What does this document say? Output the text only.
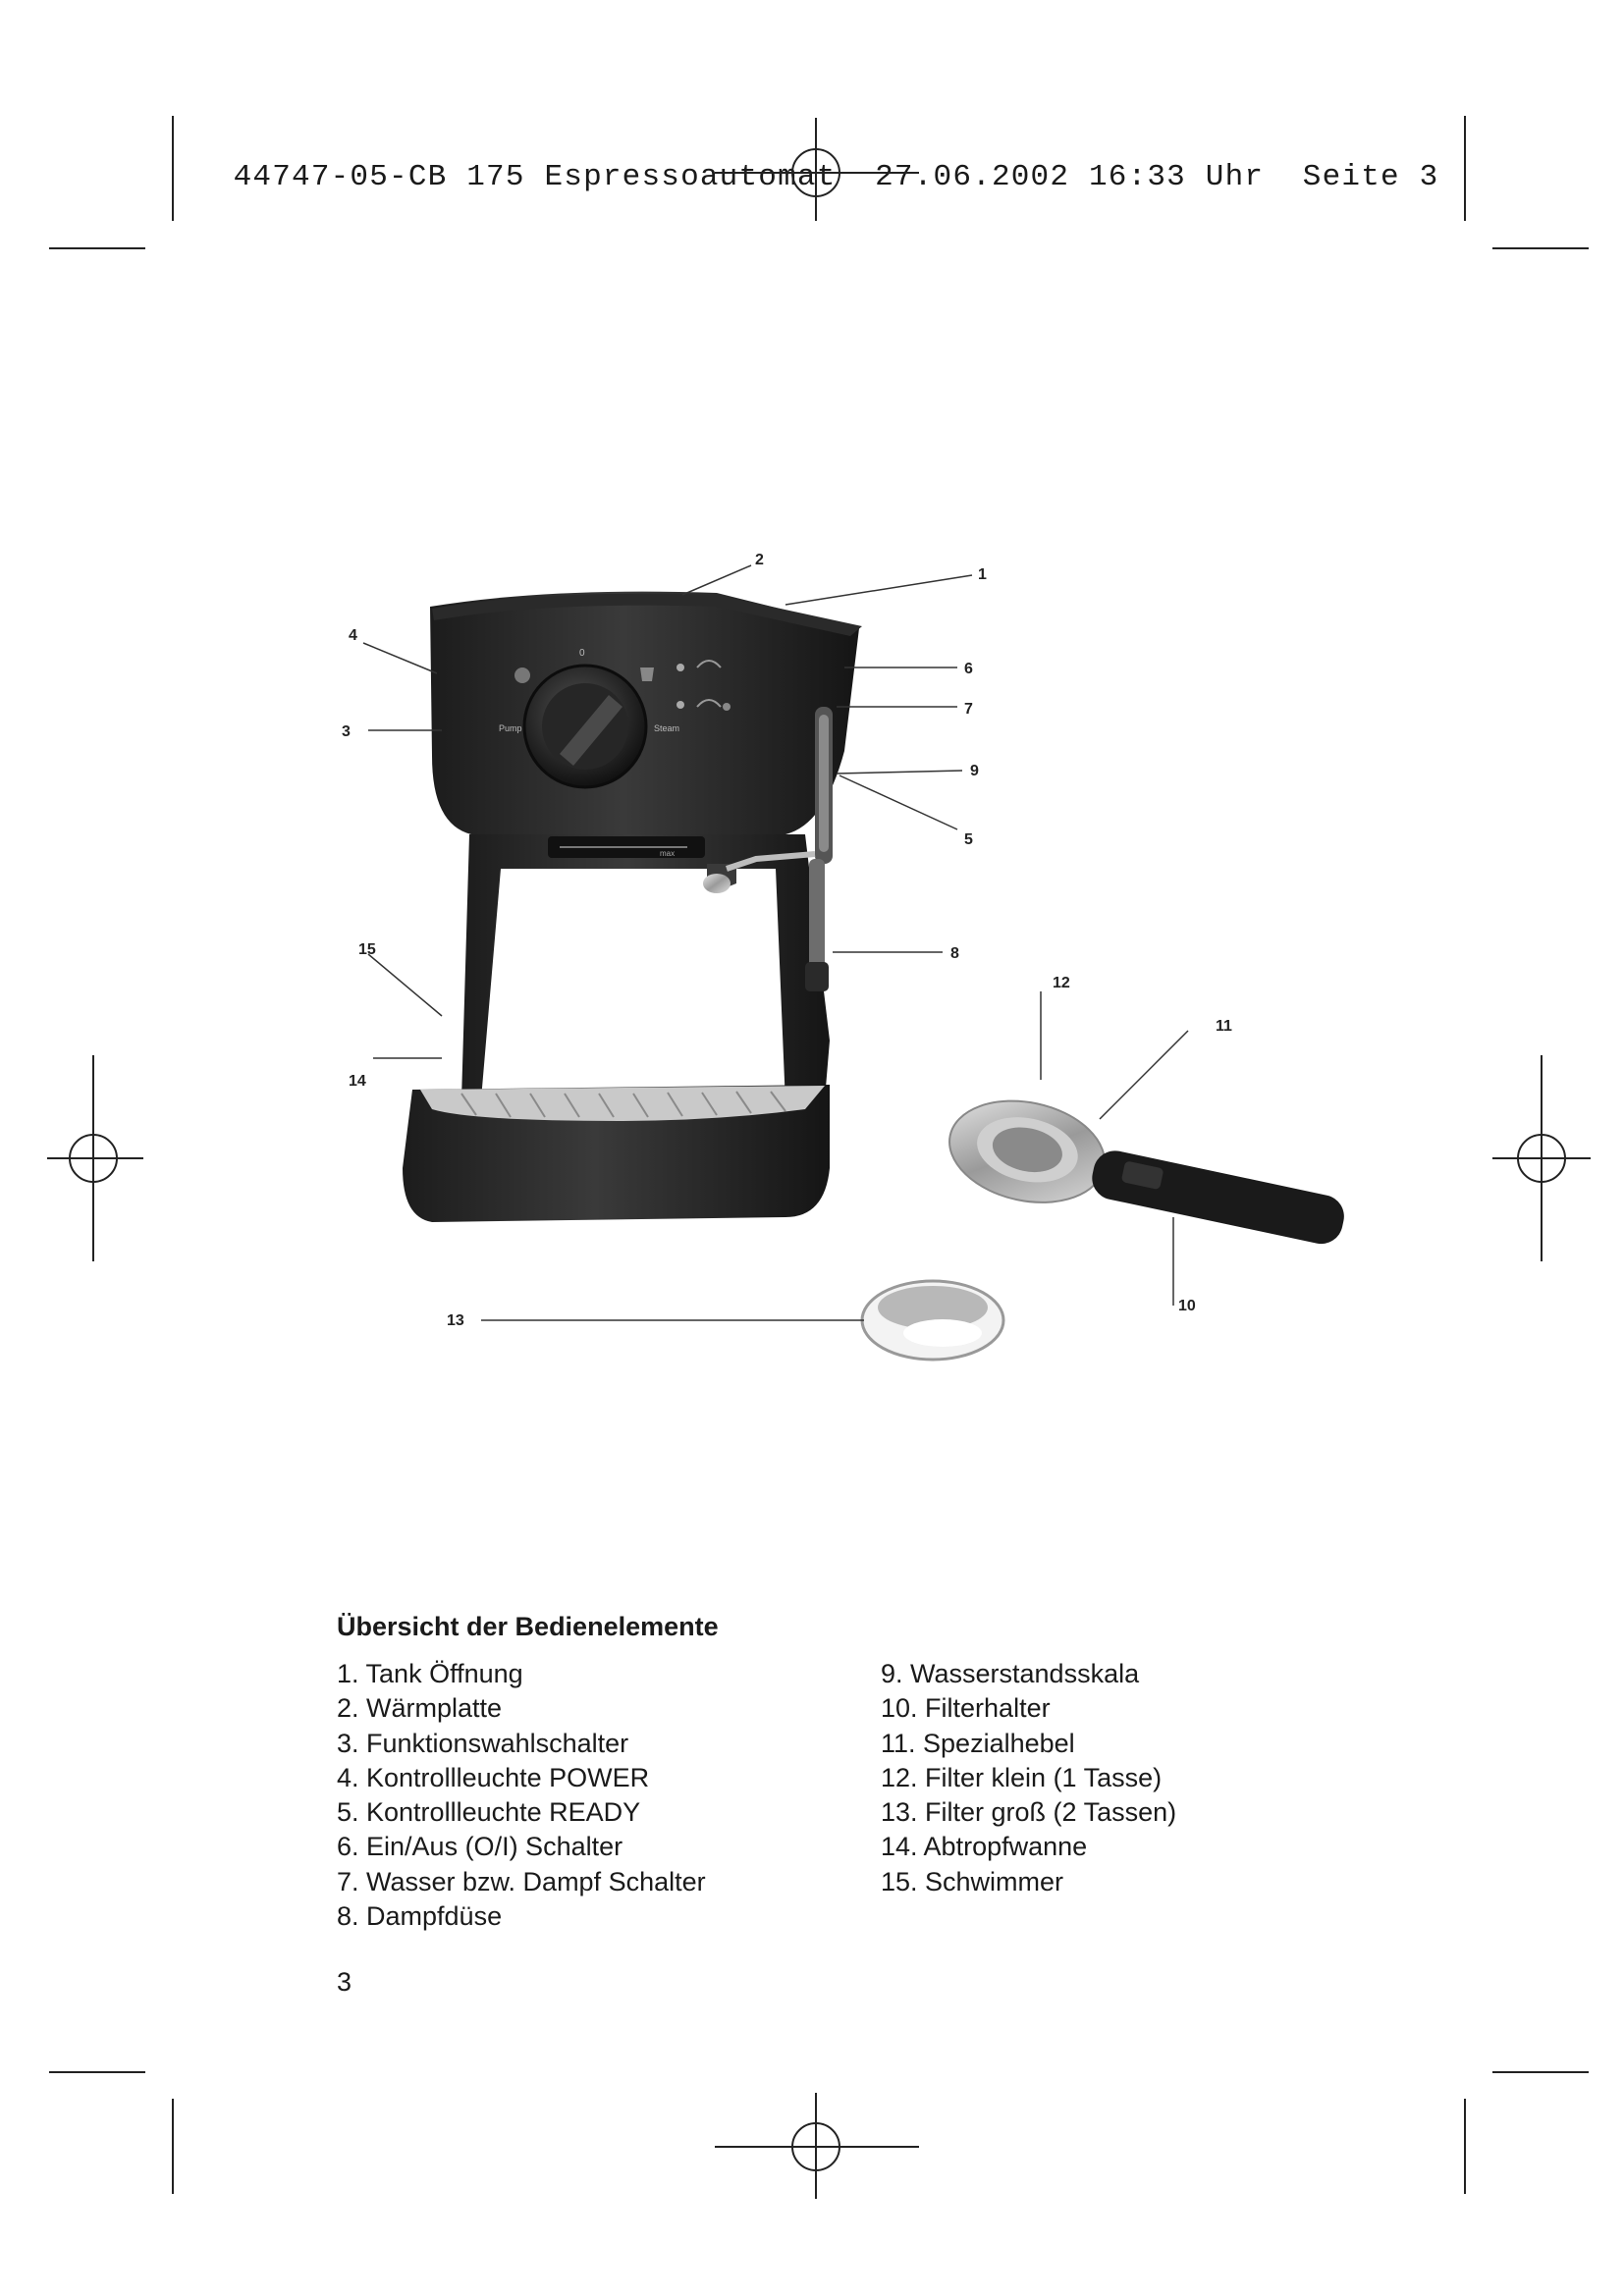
44747-05-CB 175 Espressoautomat 27.06.2002 16:33 Uhr Seite 3

0
Pump	Steam
max
1
2
3
4
5
6
7
8
9
10
11
12
13
14
15
Übersicht der Bedienelemente
1. Tank Öffnung
2. Wärmplatte
3. Funktionswahlschalter
4. Kontrollleuchte POWER
5. Kontrollleuchte READY
6. Ein/Aus (O/I) Schalter
7. Wasser bzw. Dampf Schalter
8. Dampfdüse
9. Wasserstandsskala
10. Filterhalter
11. Spezialhebel
12. Filter klein (1 Tasse)
13. Filter groß (2 Tassen)
14. Abtropfwanne
15. Schwimmer
3
